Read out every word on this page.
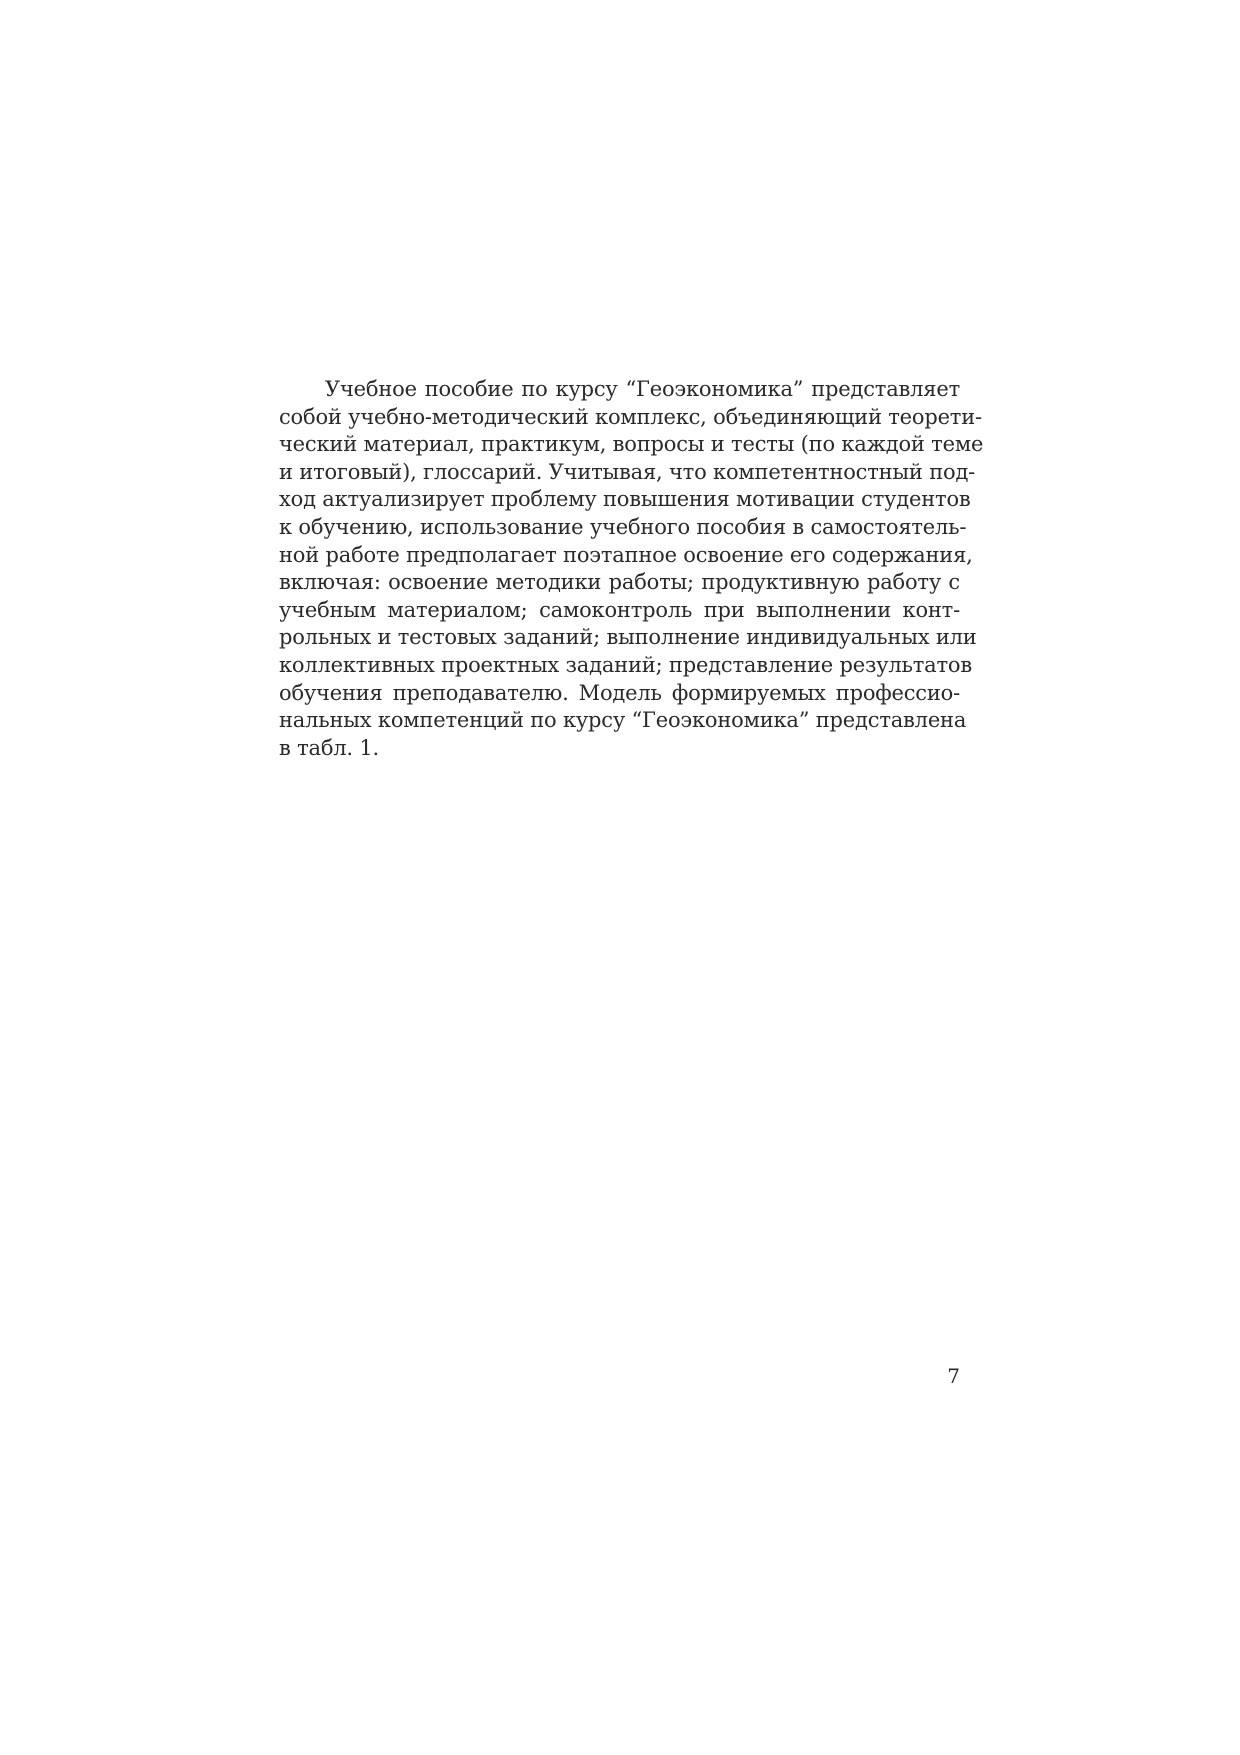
Учебное пособие по курсу “Геоэкономика” представляет
собой учебно-методический комплекс, объединяющий теорети-
ческий материал, практикум, вопросы и тесты (по каждой теме
и итоговый), глоссарий. Учитывая, что компетентностный под-
ход актуализирует проблему повышения мотивации студентов
к обучению, использование учебного пособия в самостоятель-
ной работе предполагает поэтапное освоение его содержания,
включая: освоение методики работы; продуктивную работу с
учебным материалом; самоконтроль при выполнении конт-
рольных и тестовых заданий; выполнение индивидуальных или
коллективных проектных заданий; представление результатов
обучения преподавателю. Модель формируемых профессио-
нальных компетенций по курсу “Геоэкономика” представлена
в табл. 1.
7
